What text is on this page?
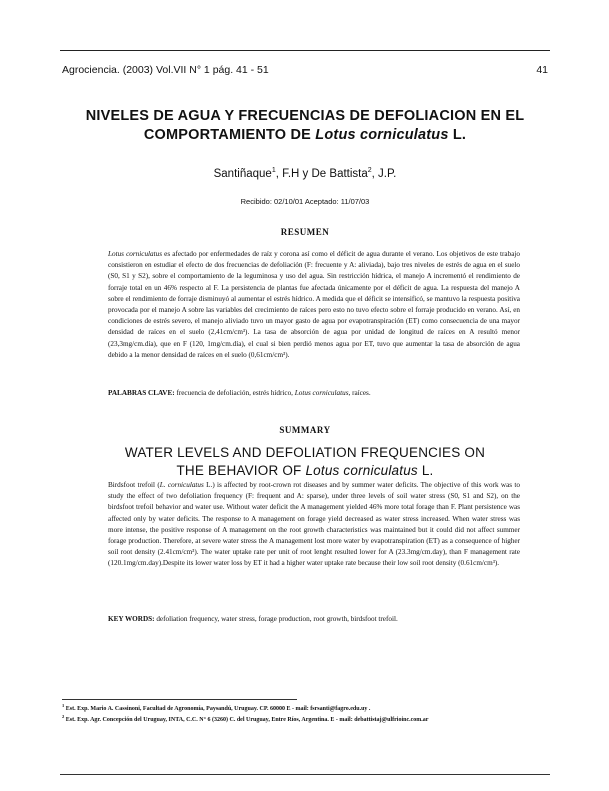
Agrociencia. (2003) Vol.VII N° 1 pág. 41 - 51	41
NIVELES DE AGUA Y FRECUENCIAS DE DEFOLIACION EN EL
COMPORTAMIENTO DE Lotus corniculatus L.
Santiñaque$^1$, F.H y De Battista$^2$, J.P.
Recibido: 02/10/01 Aceptado: 11/07/03
RESUMEN

Lotus corniculatus es afectado por enfermedades de raíz y corona así como el déficit de agua durante el verano. Los objetivos de este trabajo consistieron en estudiar el efecto de dos frecuencias de defoliación (F: frecuente y A: aliviada), bajo tres niveles de estrés de agua en el suelo (S0, S1 y S2), sobre el comportamiento de la leguminosa y uso del agua. Sin restricción hídrica, el manejo A incrementó el rendimiento de forraje total en un 46% respecto al F. La persistencia de plantas fue afectada únicamente por el déficit de agua. La respuesta del manejo A sobre el rendimiento de forraje disminuyó al aumentar el estrés hídrico. A medida que el déficit se intensificó, se mantuvo la respuesta positiva provocada por el manejo A sobre las variables del crecimiento de raíces pero esto no tuvo efecto sobre el forraje producido en verano. Así, en condiciones de estrés severo, el manejo aliviado tuvo un mayor gasto de agua por evapotranspiración (ET) como consecuencia de una mayor densidad de raíces en el suelo (2,41cm/cm³). La tasa de absorción de agua por unidad de longitud de raíces en A resultó menor (23,3mg/cm.día), que en F (120, 1mg/cm.día), el cual si bien perdió menos agua por ET, tuvo que aumentar la tasa de absorción de agua debido a la menor densidad de raíces en el suelo (0,61cm/cm³).

PALABRAS CLAVE: frecuencia de defoliación, estrés hídrico, Lotus corniculatus, raíces.

SUMMARY
WATER LEVELS AND DEFOLIATION FREQUENCIES ON
THE BEHAVIOR OF Lotus corniculatus L.

Birdsfoot trefoil (L. corniculatus L.) is affected by root-crown rot diseases and by summer water deficits. The objective of this work was to study the effect of two defoliation frequency (F: frequent and A: sparse), under three levels of soil water stress (S0, S1 and S2), on the birdsfoot trefoil behavior and water use. Without water deficit the A management yielded 46% more total forage than F. Plant persistence was affected only by water deficits. The response to A management on forage yield decreased as water stress increased. When water stress was more intense, the positive response of A management on the root growth characteristics was maintained but it could did not affect summer forage production. Therefore, at severe water stress the A management lost more water by evapotranspiration (ET) as a consequence of higher soil root density (2.41cm/cm³). The water uptake rate per unit of root lenght resulted lower for A (23.3mg/cm.day), than F management rate (120.1mg/cm.day).Despite its lower water loss by ET it had a higher water uptake rate because their low soil root density (0.61cm/cm³).

KEY WORDS: defoliation frequency, water stress, forage production, root growth, birdsfoot trefoil.

$^1$ Est. Exp. Mario A. Cassinoni, Facultad de Agronomía, Paysandú, Uruguay. CP. 60000 E - mail: fsrsanti@fagro.edu.uy .
$^2$ Est. Exp. Agr. Concepción del Uruguay, INTA, C.C. N° 6 (3260) C. del Uruguay, Entre Ríos, Argentina. E - mail: debattistaj@ulfrioinc.com.ar
